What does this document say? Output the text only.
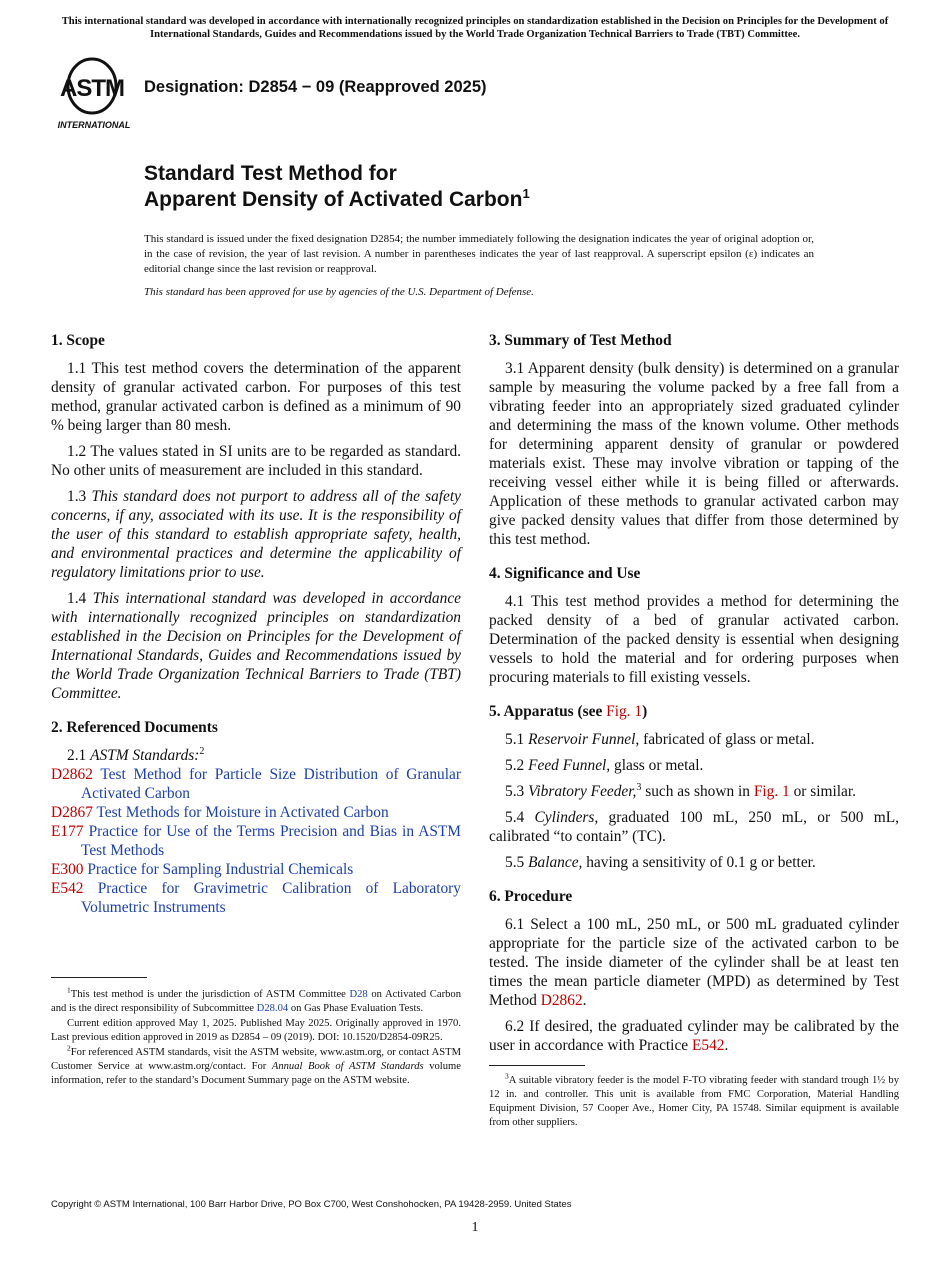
This international standard was developed in accordance with internationally recognized principles on standardization established in the Decision on Principles for the Development of International Standards, Guides and Recommendations issued by the World Trade Organization Technical Barriers to Trade (TBT) Committee.
ASTM
INTERNATIONAL
Designation: D2854 − 09 (Reapproved 2025)
Standard Test Method for
Apparent Density of Activated Carbon$^1$
This standard is issued under the fixed designation D2854; the number immediately following the designation indicates the year of original adoption or, in the case of revision, the year of last revision. A number in parentheses indicates the year of last reapproval. A superscript epsilon (ε) indicates an editorial change since the last revision or reapproval.
This standard has been approved for use by agencies of the U.S. Department of Defense.
1. Scope

1.1 This test method covers the determination of the apparent density of granular activated carbon. For purposes of this test method, granular activated carbon is defined as a minimum of 90 % being larger than 80 mesh.

1.2 The values stated in SI units are to be regarded as standard. No other units of measurement are included in this standard.

1.3 This standard does not purport to address all of the safety concerns, if any, associated with its use. It is the responsibility of the user of this standard to establish appropriate safety, health, and environmental practices and determine the applicability of regulatory limitations prior to use.

1.4 This international standard was developed in accordance with internationally recognized principles on standardization established in the Decision on Principles for the Development of International Standards, Guides and Recommendations issued by the World Trade Organization Technical Barriers to Trade (TBT) Committee.

2. Referenced Documents

2.1 ASTM Standards:$^2$

D2862 Test Method for Particle Size Distribution of Granular Activated Carbon
D2867 Test Methods for Moisture in Activated Carbon
E177 Practice for Use of the Terms Precision and Bias in ASTM Test Methods
E300 Practice for Sampling Industrial Chemicals
E542 Practice for Gravimetric Calibration of Laboratory Volumetric Instruments

$^1$This test method is under the jurisdiction of ASTM Committee D28 on Activated Carbon and is the direct responsibility of Subcommittee D28.04 on Gas Phase Evaluation Tests.

Current edition approved May 1, 2025. Published May 2025. Originally approved in 1970. Last previous edition approved in 2019 as D2854 – 09 (2019). DOI: 10.1520/D2854-09R25.

$^2$For referenced ASTM standards, visit the ASTM website, www.astm.org, or contact ASTM Customer Service at www.astm.org/contact. For Annual Book of ASTM Standards volume information, refer to the standard’s Document Summary page on the ASTM website.

3. Summary of Test Method

3.1 Apparent density (bulk density) is determined on a granular sample by measuring the volume packed by a free fall from a vibrating feeder into an appropriately sized graduated cylinder and determining the mass of the known volume. Other methods for determining apparent density of granular or powdered materials exist. These may involve vibration or tapping of the receiving vessel either while it is being filled or afterwards. Application of these methods to granular activated carbon may give packed density values that differ from those determined by this test method.

4. Significance and Use

4.1 This test method provides a method for determining the packed density of a bed of granular activated carbon. Determination of the packed density is essential when designing vessels to hold the material and for ordering purposes when procuring materials to fill existing vessels.

5. Apparatus (see Fig. 1)

5.1 Reservoir Funnel, fabricated of glass or metal.

5.2 Feed Funnel, glass or metal.

5.3 Vibratory Feeder,$^3$ such as shown in Fig. 1 or similar.

5.4 Cylinders, graduated 100 mL, 250 mL, or 500 mL, calibrated “to contain” (TC).

5.5 Balance, having a sensitivity of 0.1 g or better.

6. Procedure

6.1 Select a 100 mL, 250 mL, or 500 mL graduated cylinder appropriate for the particle size of the activated carbon to be tested. The inside diameter of the cylinder shall be at least ten times the mean particle diameter (MPD) as determined by Test Method D2862.

6.2 If desired, the graduated cylinder may be calibrated by the user in accordance with Practice E542.

$^3$A suitable vibratory feeder is the model F-TO vibrating feeder with standard trough 1½ by 12 in. and controller. This unit is available from FMC Corporation, Material Handling Equipment Division, 57 Cooper Ave., Homer City, PA 15748. Similar equipment is available from other suppliers.

Copyright © ASTM International, 100 Barr Harbor Drive, PO Box C700, West Conshohocken, PA 19428-2959. United States
1
